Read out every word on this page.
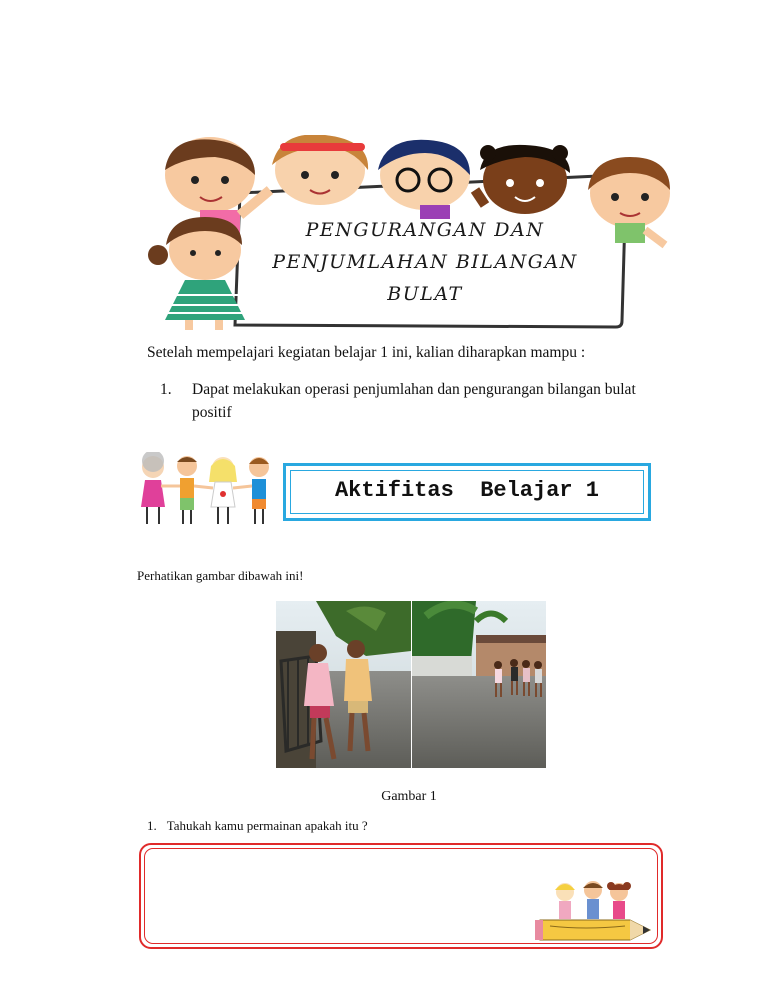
PENGURANGAN DAN
PENJUMLAHAN BILANGAN
BULAT
Setelah mempelajari kegiatan belajar 1 ini, kalian diharapkan mampu :
1. Dapat melakukan operasi penjumlahan dan pengurangan bilangan bulat positif
Aktifitas  Belajar 1
Perhatikan gambar dibawah ini!
Gambar 1
1. Tahukah kamu permainan apakah itu ?
